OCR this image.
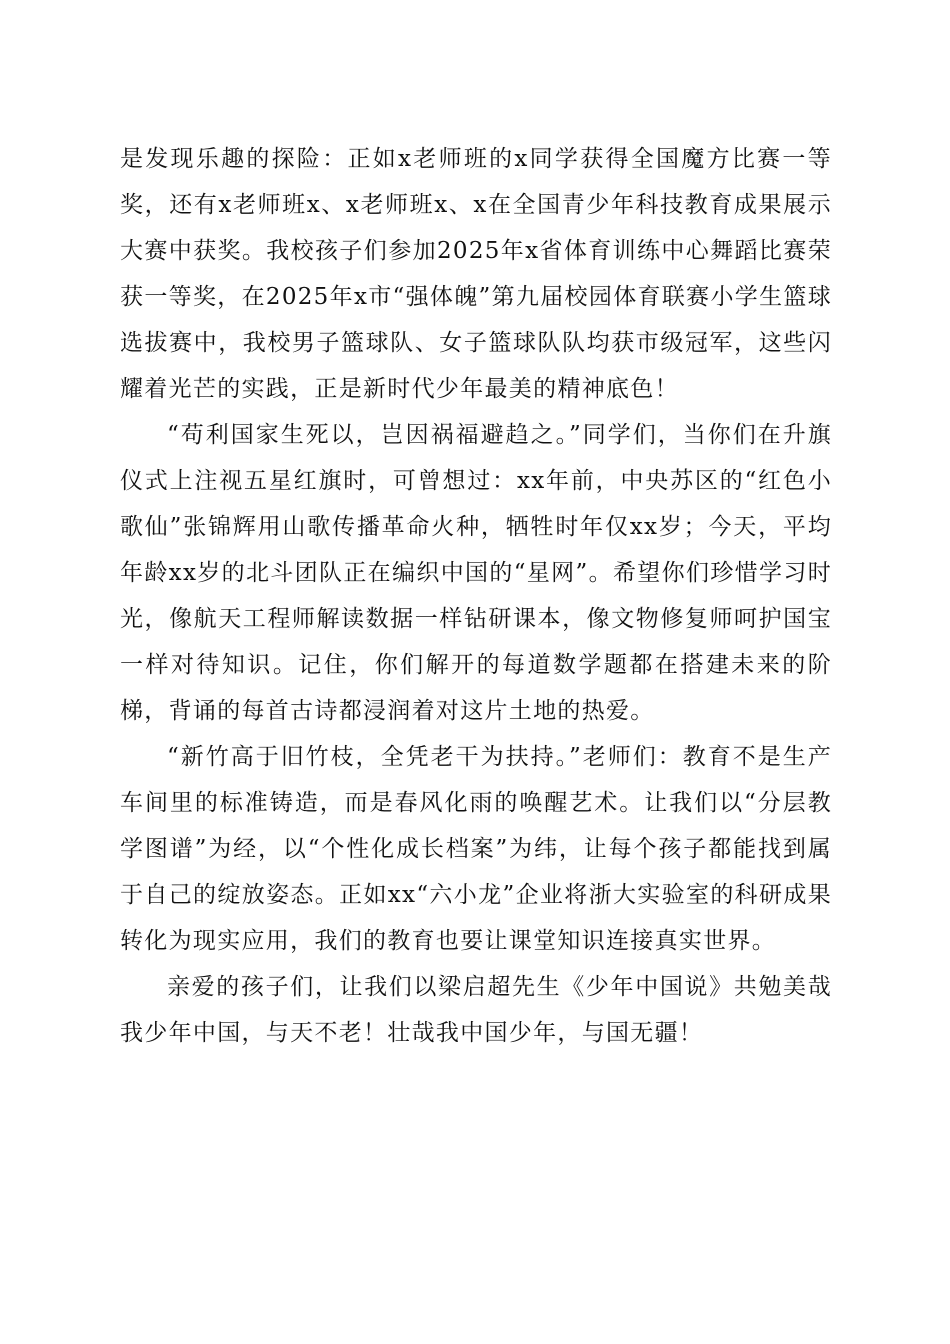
是发现乐趣的探险：正如x老师班的x同学获得全国魔方比赛一等奖，还有x老师班x、x老师班x、x在全国青少年科技教育成果展示大赛中获奖。我校孩子们参加2025年x省体育训练中心舞蹈比赛荣获一等奖，在2025年x市“强体魄”第九届校园体育联赛小学生篮球选拔赛中，我校男子篮球队、女子篮球队队均获市级冠军，这些闪耀着光芒的实践，正是新时代少年最美的精神底色！

“苟利国家生死以，岂因祸福避趋之。”同学们，当你们在升旗仪式上注视五星红旗时，可曾想过：xx年前，中央苏区的“红色小歌仙”张锦辉用山歌传播革命火种，牺牲时年仅xx岁；今天，平均年龄xx岁的北斗团队正在编织中国的“星网”。希望你们珍惜学习时光，像航天工程师解读数据一样钻研课本，像文物修复师呵护国宝一样对待知识。记住，你们解开的每道数学题都在搭建未来的阶梯，背诵的每首古诗都浸润着对这片土地的热爱。

“新竹高于旧竹枝，全凭老干为扶持。”老师们：教育不是生产车间里的标准铸造，而是春风化雨的唤醒艺术。让我们以“分层教学图谱”为经，以“个性化成长档案”为纬，让每个孩子都能找到属于自己的绽放姿态。正如xx“六小龙”企业将浙大实验室的科研成果转化为现实应用，我们的教育也要让课堂知识连接真实世界。

亲爱的孩子们，让我们以梁启超先生《少年中国说》共勉美哉我少年中国，与天不老！壮哉我中国少年，与国无疆！
